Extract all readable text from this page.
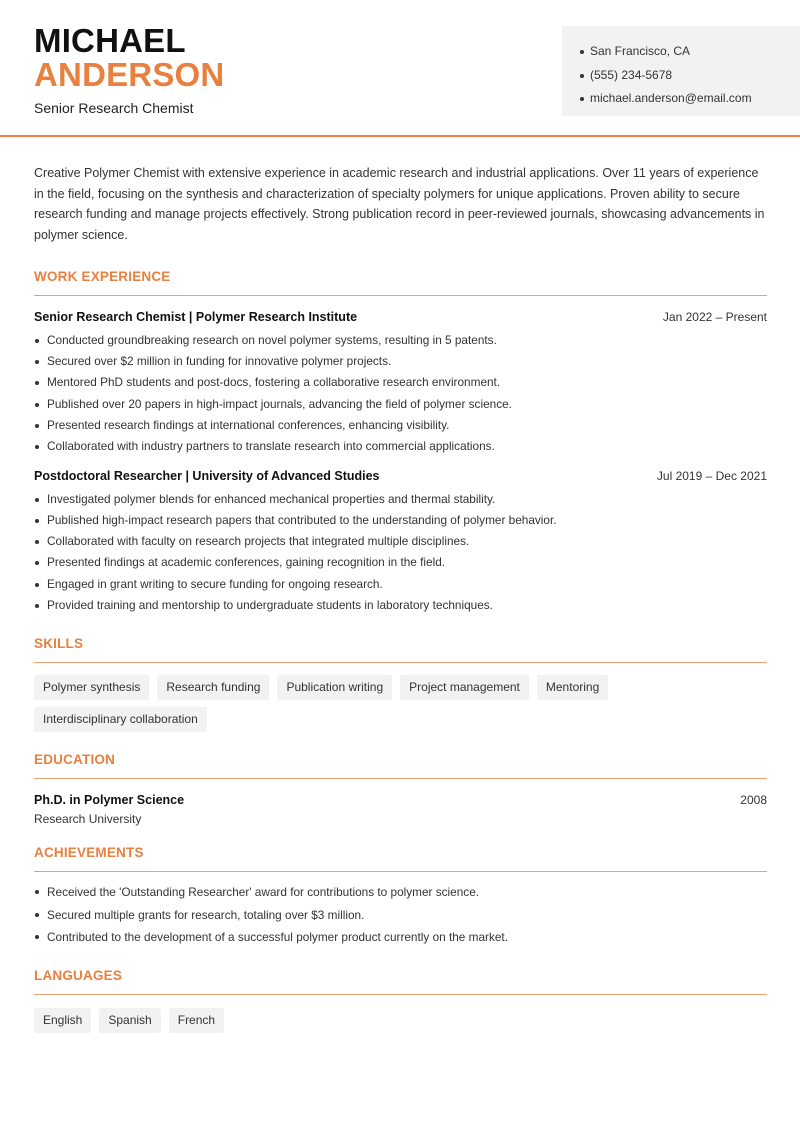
MICHAEL
ANDERSON
Senior Research Chemist
San Francisco, CA
(555) 234-5678
michael.anderson@email.com

Creative Polymer Chemist with extensive experience in academic research and industrial applications. Over 11 years of experience in the field, focusing on the synthesis and characterization of specialty polymers for unique applications. Proven ability to secure research funding and manage projects effectively. Strong publication record in peer-reviewed journals, showcasing advancements in polymer science.

WORK EXPERIENCE
Senior Research Chemist | Polymer Research Institute	Jan 2022 – Present
Conducted groundbreaking research on novel polymer systems, resulting in 5 patents.
Secured over $2 million in funding for innovative polymer projects.
Mentored PhD students and post-docs, fostering a collaborative research environment.
Published over 20 papers in high-impact journals, advancing the field of polymer science.
Presented research findings at international conferences, enhancing visibility.
Collaborated with industry partners to translate research into commercial applications.
Postdoctoral Researcher | University of Advanced Studies	Jul 2019 – Dec 2021
Investigated polymer blends for enhanced mechanical properties and thermal stability.
Published high-impact research papers that contributed to the understanding of polymer behavior.
Collaborated with faculty on research projects that integrated multiple disciplines.
Presented findings at academic conferences, gaining recognition in the field.
Engaged in grant writing to secure funding for ongoing research.
Provided training and mentorship to undergraduate students in laboratory techniques.
SKILLS
Polymer synthesis	Research funding	Publication writing	Project management	Mentoring
Interdisciplinary collaboration
EDUCATION
Ph.D. in Polymer Science	2008
Research University
ACHIEVEMENTS
Received the 'Outstanding Researcher' award for contributions to polymer science.
Secured multiple grants for research, totaling over $3 million.
Contributed to the development of a successful polymer product currently on the market.
LANGUAGES
English	Spanish	French
